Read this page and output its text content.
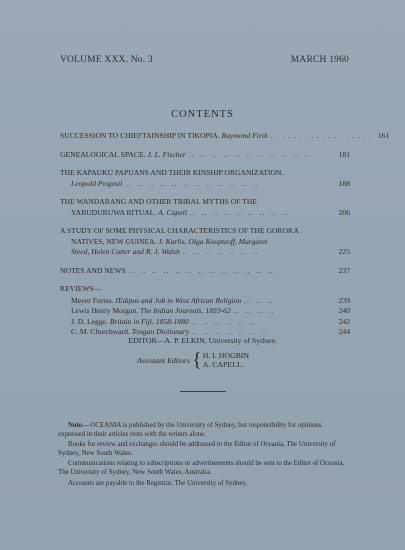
VOLUME XXX. No. 3	MARCH 1960
CONTENTS
SUCCESSION TO CHIEFTAINSHIP IN TIKOPIA.
Raymond Firth . . . . . . . . . . . . . . . . . . 161
GENEALOGICAL SPACE.
J. L. Fischer ..  ..  ..  ..  ..  ..  ..  ..  ..  ..  ..	181
THE KAPAUKU PAPUANS AND THEIR KINSHIP ORGANIZATION.
Leopold Pospisil ..  ..  ..  ..  ..  ..  ..  ..  ..  ..  ..  ..	188
THE WANDARANG AND OTHER TRIBAL MYTHS OF THE
YABUDURUWA RITUAL.
A. Capell ..  ..  ..  ..  ..  ..  ..  ..  ..	206
A STUDY OF SOME PHYSICAL CHARACTERISTICS OF THE GOROKA
NATIVES, NEW GUINEA.
J. Karlis, Olga Kooptzoff, Margaret
Steed, Helen Cotter and R. J. Walsh ..  ..  ..  ..  ..  ..  ..	225
NOTES AND NEWS ..  ..  ..  ..  ..  ..  ..  ..  ..  ..  ..  ..  ..	237
REVIEWS—
Meyer Fortes.
Œdipus and Job in West African Religion ..  ..  ..	239
Lewis Henry Morgan.
The Indian Journals, 1859-62 ..  ..  ..  ..	240
J. D. Legge.
Britain in Fiji, 1858-1880 ..  ..  ..  ..  ..  ..	242
C. M. Churchward.
Tongan Dictionary ..  ..  ..  ..  ..  ..  ..	244
EDITOR—A. P. ELKIN, University of Sydney.
Assistant Editors { H. I. HOGBIN
A. CAPELL.

Note.—OCEANIA is published by the University of Sydney, but responsibility for opinions expressed in their articles rests with the writers alone.

Books for review and exchanges should be addressed to the Editor of Oceania, The University of Sydney, New South Wales.

Communications relating to subscriptions or advertisements should be sent to the Editor of Oceania, The University of Sydney, New South Wales, Australia.

Accounts are payable to the Registrar, The University of Sydney.
